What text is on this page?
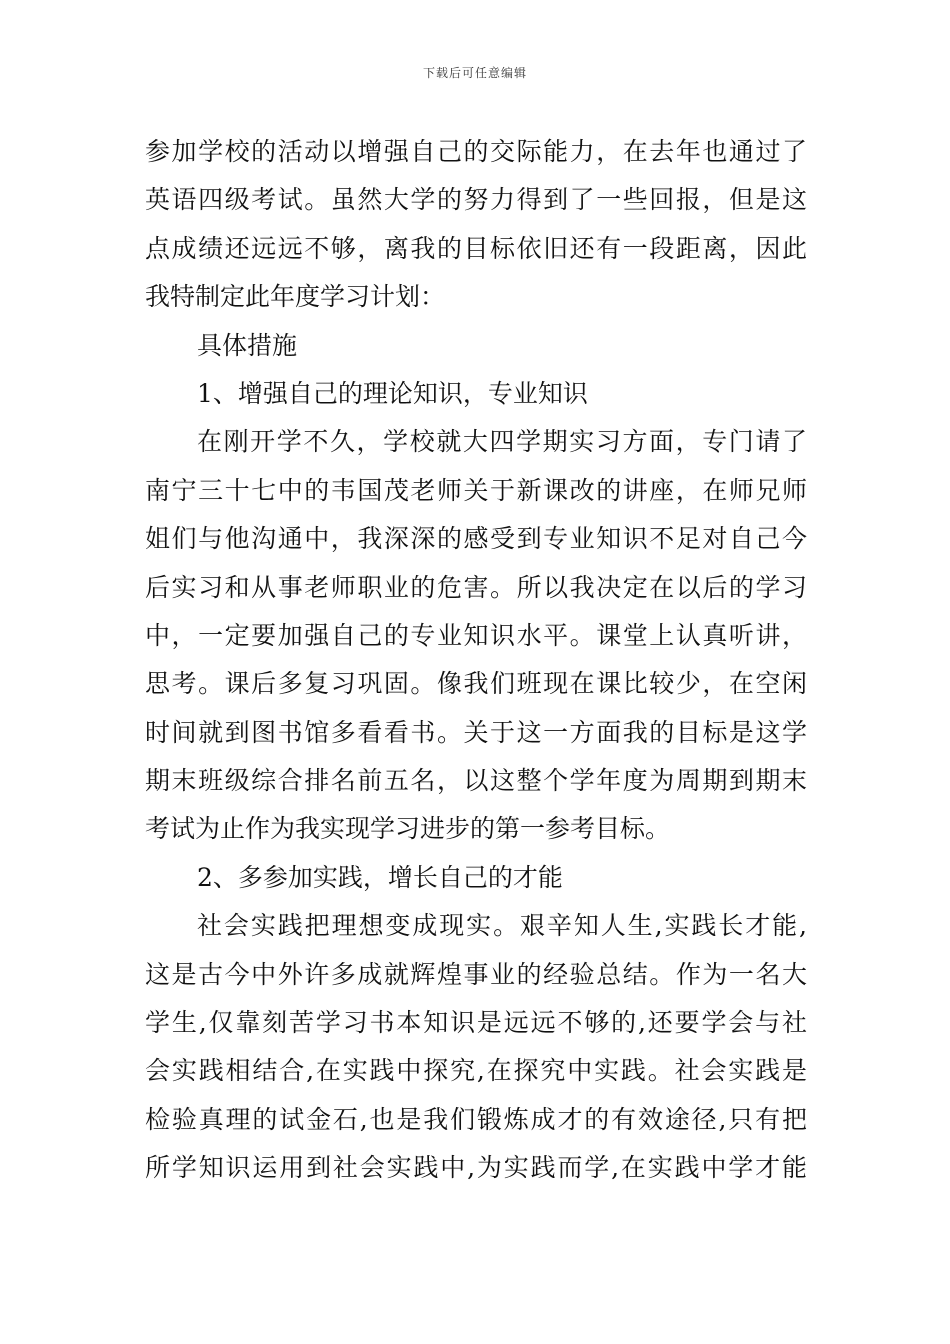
下载后可任意编辑
参加学校的活动以增强自己的交际能力，在去年也通过了
英语四级考试。虽然大学的努力得到了一些回报，但是这
点成绩还远远不够，离我的目标依旧还有一段距离，因此
我特制定此年度学习计划：
具体措施
1、增强自己的理论知识，专业知识
在刚开学不久，学校就大四学期实习方面，专门请了
南宁三十七中的韦国茂老师关于新课改的讲座，在师兄师
姐们与他沟通中，我深深的感受到专业知识不足对自己今
后实习和从事老师职业的危害。所以我决定在以后的学习
中，一定要加强自己的专业知识水平。课堂上认真听讲，
思考。课后多复习巩固。像我们班现在课比较少，在空闲
时间就到图书馆多看看书。关于这一方面我的目标是这学
期末班级综合排名前五名，以这整个学年度为周期到期末
考试为止作为我实现学习进步的第一参考目标。
2、多参加实践，增长自己的才能
社会实践把理想变成现实。艰辛知人生,实践长才能,
这是古今中外许多成就辉煌事业的经验总结。作为一名大
学生,仅靠刻苦学习书本知识是远远不够的,还要学会与社
会实践相结合,在实践中探究,在探究中实践。社会实践是
检验真理的试金石,也是我们锻炼成才的有效途径,只有把
所学知识运用到社会实践中,为实践而学,在实践中学才能
